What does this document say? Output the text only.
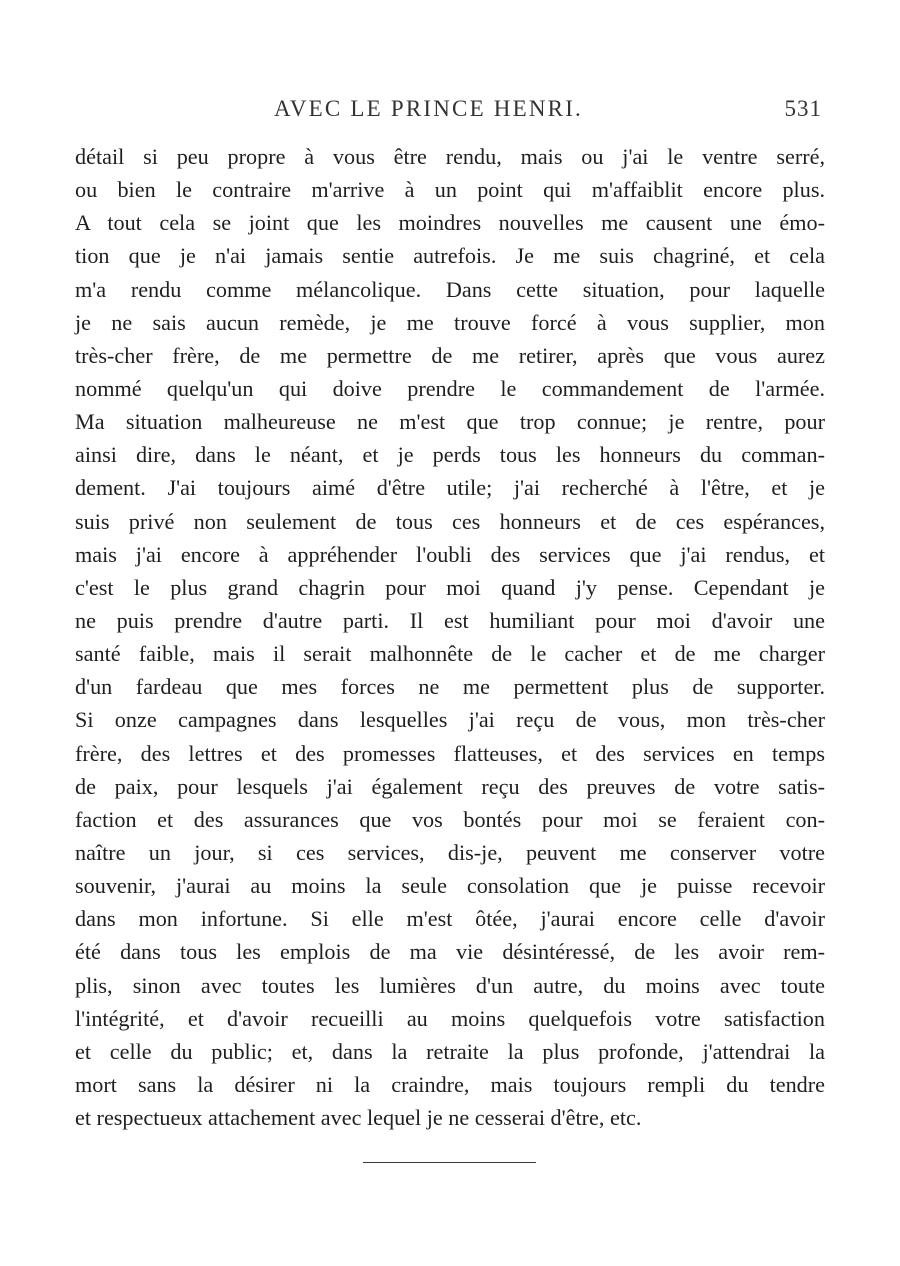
AVEC LE PRINCE HENRI.	531
détail si peu propre à vous être rendu, mais ou j'ai le ventre serré,
ou bien le contraire m'arrive à un point qui m'affaiblit encore plus.
A tout cela se joint que les moindres nouvelles me causent une émo-
tion que je n'ai jamais sentie autrefois. Je me suis chagriné, et cela
m'a rendu comme mélancolique. Dans cette situation, pour laquelle
je ne sais aucun remède, je me trouve forcé à vous supplier, mon
très-cher frère, de me permettre de me retirer, après que vous aurez
nommé quelqu'un qui doive prendre le commandement de l'armée.
Ma situation malheureuse ne m'est que trop connue; je rentre, pour
ainsi dire, dans le néant, et je perds tous les honneurs du comman-
dement. J'ai toujours aimé d'être utile; j'ai recherché à l'être, et je
suis privé non seulement de tous ces honneurs et de ces espérances,
mais j'ai encore à appréhender l'oubli des services que j'ai rendus, et
c'est le plus grand chagrin pour moi quand j'y pense. Cependant je
ne puis prendre d'autre parti. Il est humiliant pour moi d'avoir une
santé faible, mais il serait malhonnête de le cacher et de me charger
d'un fardeau que mes forces ne me permettent plus de supporter.
Si onze campagnes dans lesquelles j'ai reçu de vous, mon très-cher
frère, des lettres et des promesses flatteuses, et des services en temps
de paix, pour lesquels j'ai également reçu des preuves de votre satis-
faction et des assurances que vos bontés pour moi se feraient con-
naître un jour, si ces services, dis-je, peuvent me conserver votre
souvenir, j'aurai au moins la seule consolation que je puisse recevoir
dans mon infortune. Si elle m'est ôtée, j'aurai encore celle d'avoir
été dans tous les emplois de ma vie désintéressé, de les avoir rem-
plis, sinon avec toutes les lumières d'un autre, du moins avec toute
l'intégrité, et d'avoir recueilli au moins quelquefois votre satisfaction
et celle du public; et, dans la retraite la plus profonde, j'attendrai la
mort sans la désirer ni la craindre, mais toujours rempli du tendre
et respectueux attachement avec lequel je ne cesserai d'être, etc.
